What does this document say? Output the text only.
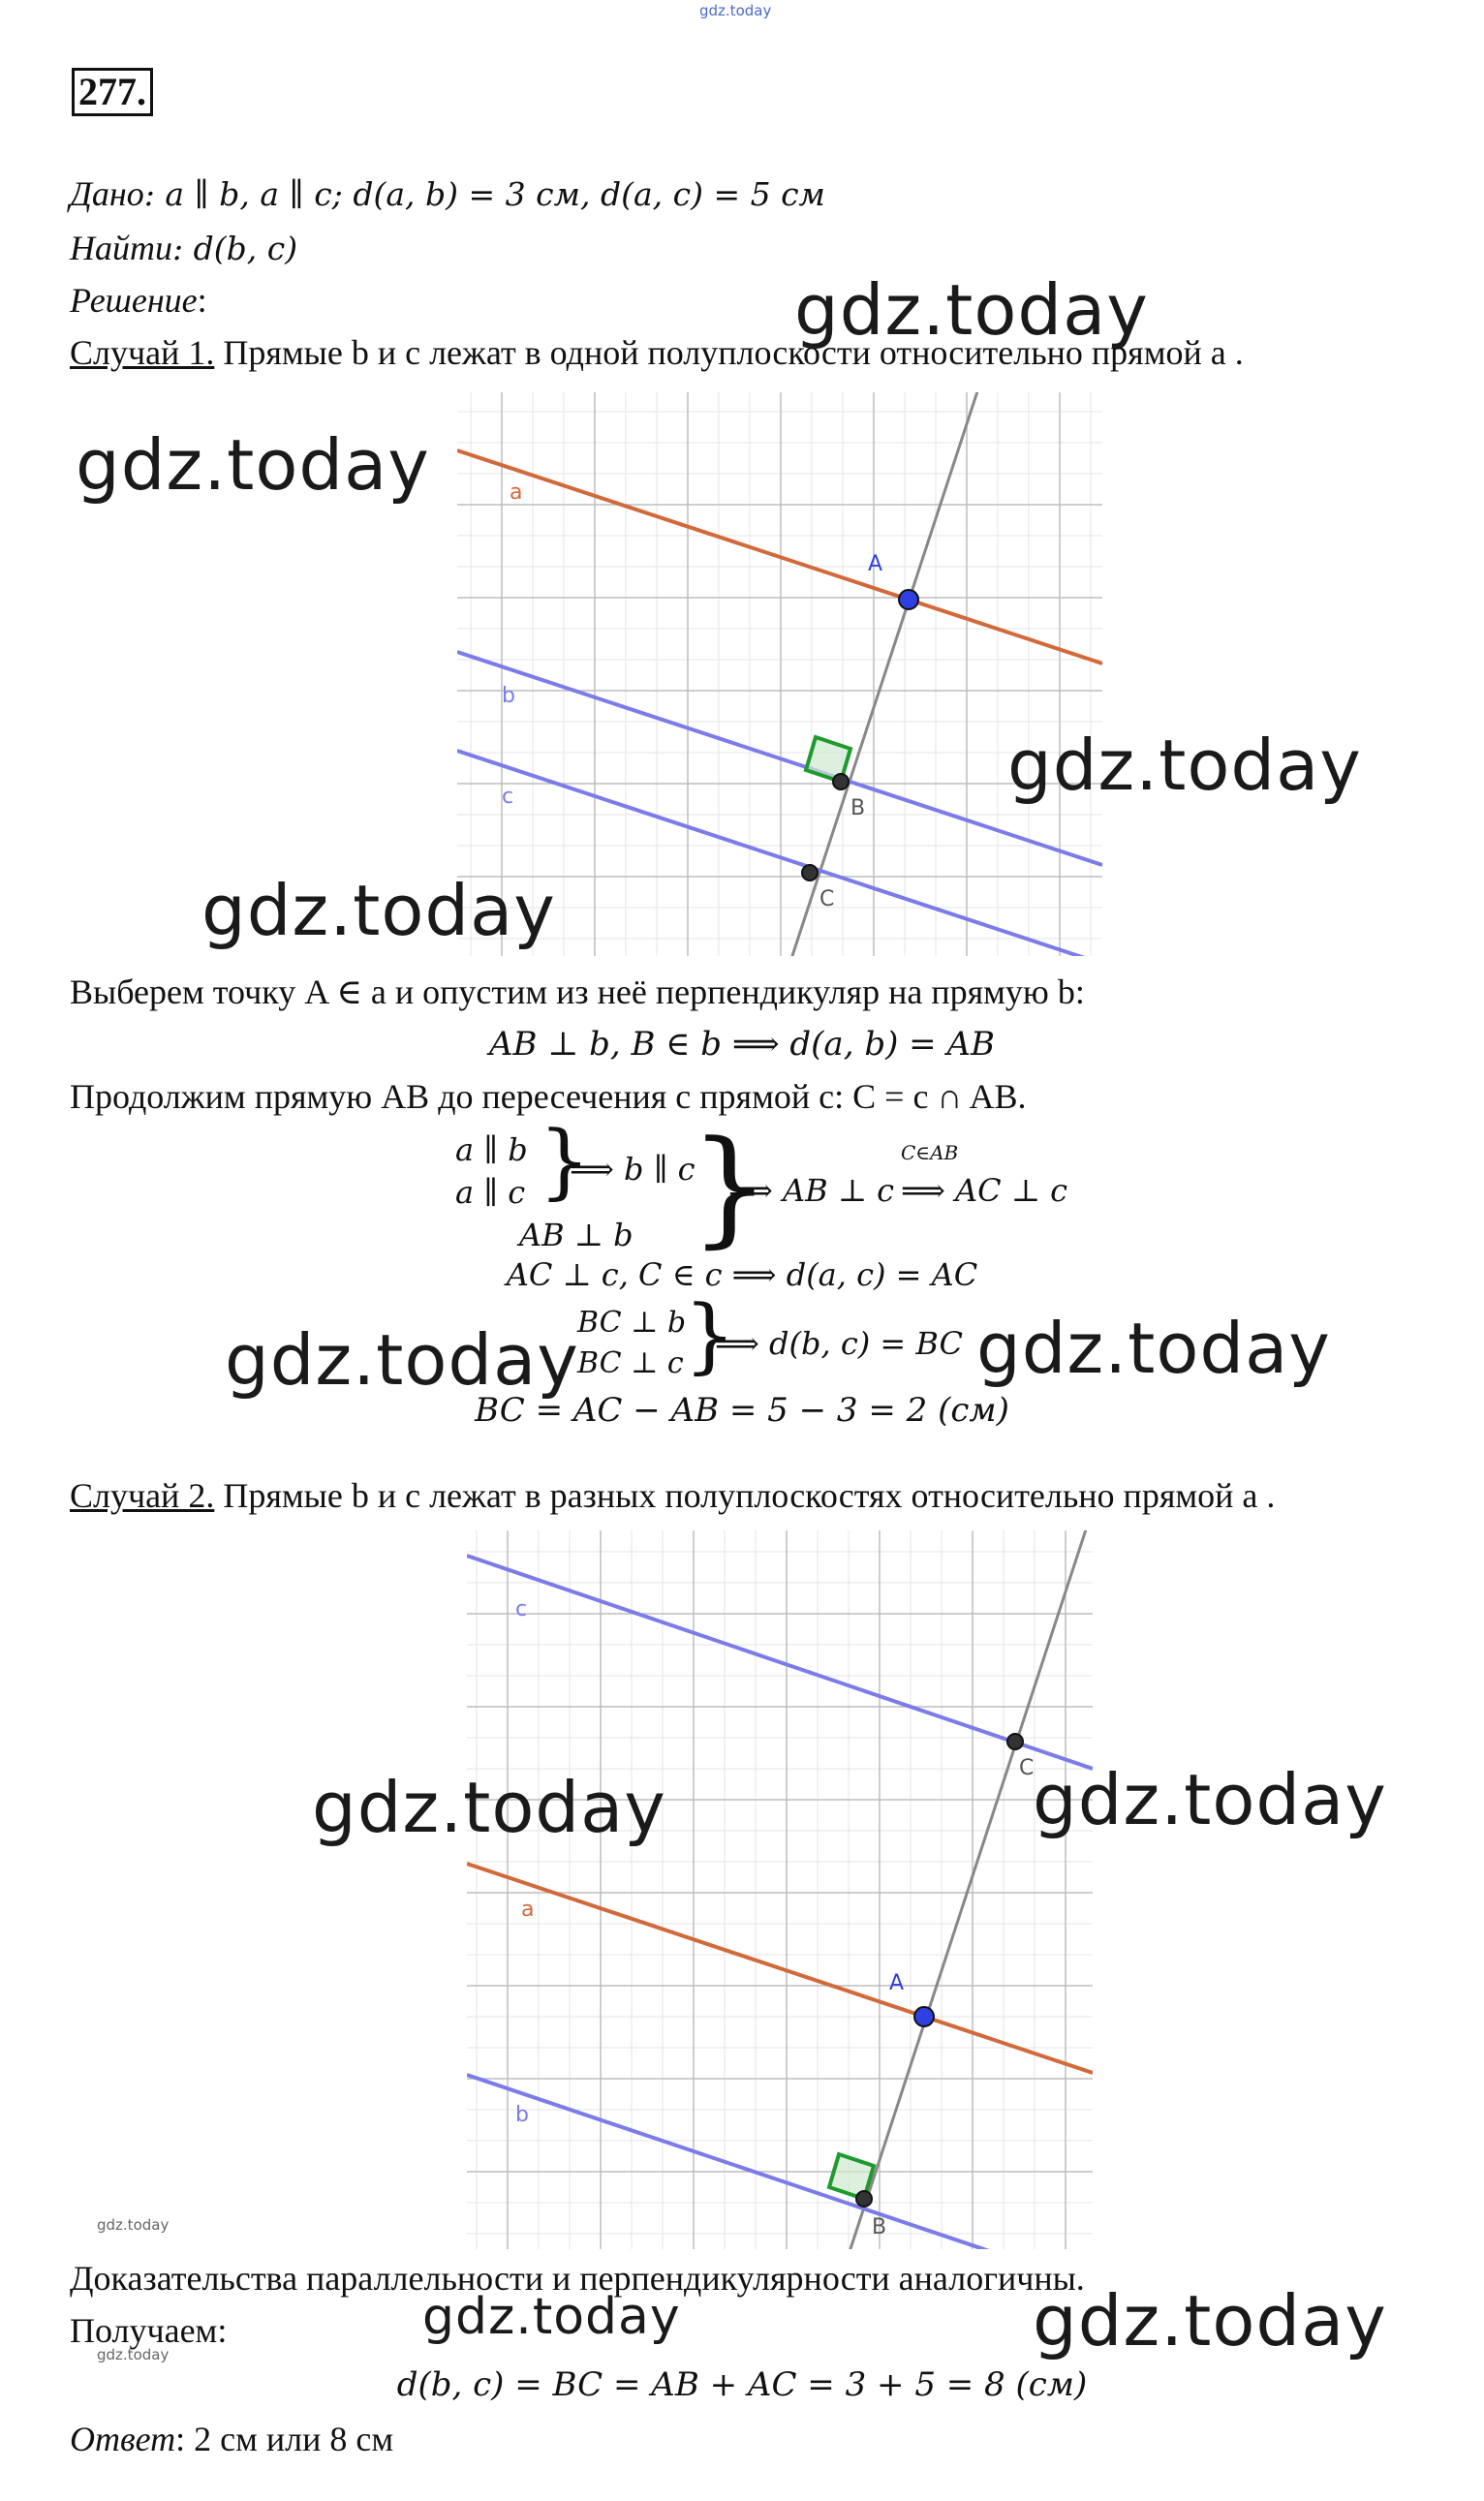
gdz.today
277.
Дано: a ∥ b, a ∥ c; d(a, b) = 3 см, d(a, c) = 5 см
Найти: d(b, c)
Решение:
Случай 1. Прямые b и c лежат в одной полуплоскости относительно прямой a .
a
b
c
A
B
C
Выберем точку A ∈ a и опустим из неё перпендикуляр на прямую b:
AB ⊥ b, B ∈ b ⟹ d(a, b) = AB
Продолжим прямую AB до пересечения с прямой c: C = c ∩ AB.
a ∥ b
a ∥ c }
⟹ b ∥ c
AB ⊥ b }
⟹ AB ⊥ c
C∈AB
⟹ AC ⊥ c
AC ⊥ c, C ∈ c ⟹ d(a, c) = AC
BC ⊥ b
BC ⊥ c }
⟹ d(b, c) = BC
BC = AC − AB = 5 − 3 = 2 (см)
Случай 2. Прямые b и c лежат в разных полуплоскостях относительно прямой a .
c
a
b
A
B
C
Доказательства параллельности и перпендикулярности аналогичны.
Получаем:
d(b, c) = BC = AB + AC = 3 + 5 = 8 (см)
Ответ: 2 см или 8 см
gdz.today
gdz.today
gdz.today
gdz.today
gdz.today	gdz.today
gdz.today	gdz.today
gdz.today	gdz.today
gdz.today
gdz.today
